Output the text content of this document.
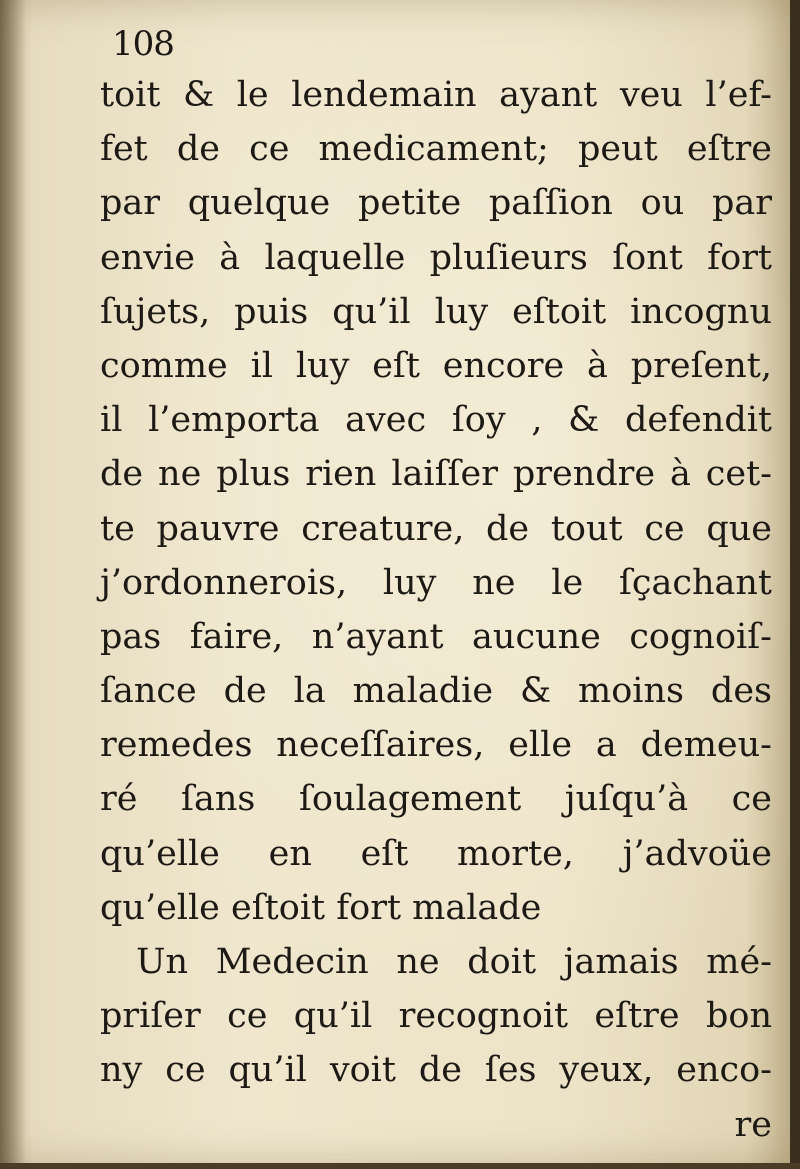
108
toit & le lendemain ayant veu l’ef-
fet de ce medicament; peut eſtre
par quelque petite paſſion ou par
envie à laquelle pluſieurs ſont fort
ſujets, puis qu’il luy eſtoit incognu
comme il luy eſt encore à preſent,
il l’emporta avec ſoy , & defendit
de ne plus rien laiſſer prendre à cet-
te pauvre creature, de tout ce que
j’ordonnerois, luy ne le ſçachant
pas faire, n’ayant aucune cognoiſ-
ſance de la maladie & moins des
remedes neceſſaires, elle a demeu-
ré ſans ſoulagement juſqu’à ce
qu’elle en eſt morte, j’advoüe
qu’elle eſtoit fort malade
Un Medecin ne doit jamais mé-
priſer ce qu’il recognoit eſtre bon
ny ce qu’il voit de ſes yeux, enco-
re
